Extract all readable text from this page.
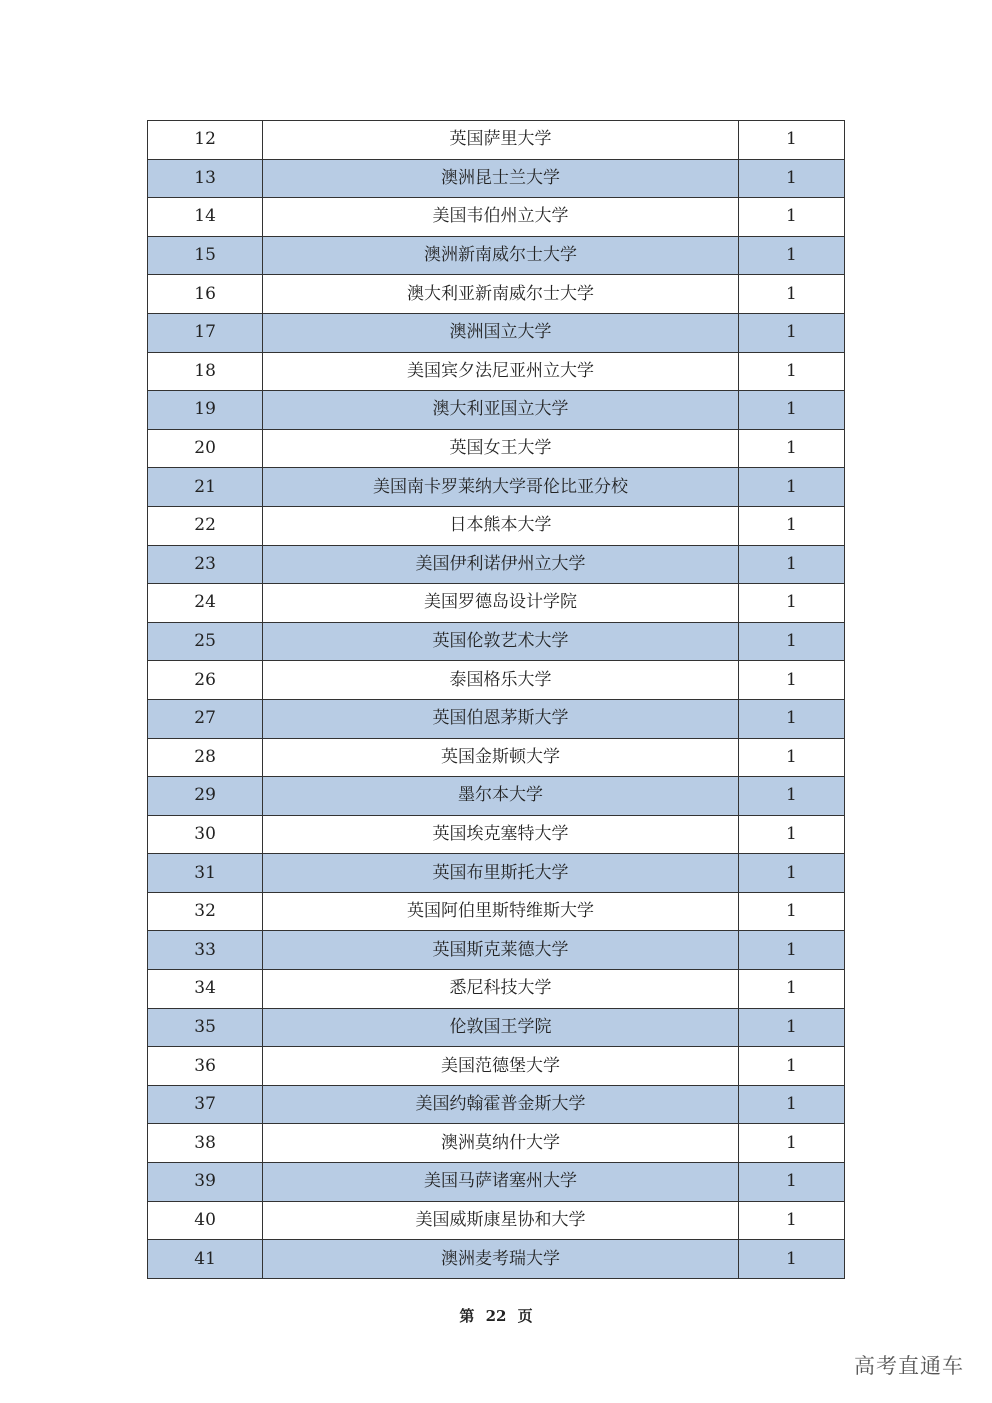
12	英国萨里大学	1
13	澳洲昆士兰大学	1
14	美国韦伯州立大学	1
15	澳洲新南威尔士大学	1
16	澳大利亚新南威尔士大学	1
17	澳洲国立大学	1
18	美国宾夕法尼亚州立大学	1
19	澳大利亚国立大学	1
20	英国女王大学	1
21	美国南卡罗莱纳大学哥伦比亚分校	1
22	日本熊本大学	1
23	美国伊利诺伊州立大学	1
24	美国罗德岛设计学院	1
25	英国伦敦艺术大学	1
26	泰国格乐大学	1
27	英国伯恩茅斯大学	1
28	英国金斯顿大学	1
29	墨尔本大学	1
30	英国埃克塞特大学	1
31	英国布里斯托大学	1
32	英国阿伯里斯特维斯大学	1
33	英国斯克莱德大学	1
34	悉尼科技大学	1
35	伦敦国王学院	1
36	美国范德堡大学	1
37	美国约翰霍普金斯大学	1
38	澳洲莫纳什大学	1
39	美国马萨诸塞州大学	1
40	美国威斯康星协和大学	1
41	澳洲麦考瑞大学	1
第 22 页
高考直通车
